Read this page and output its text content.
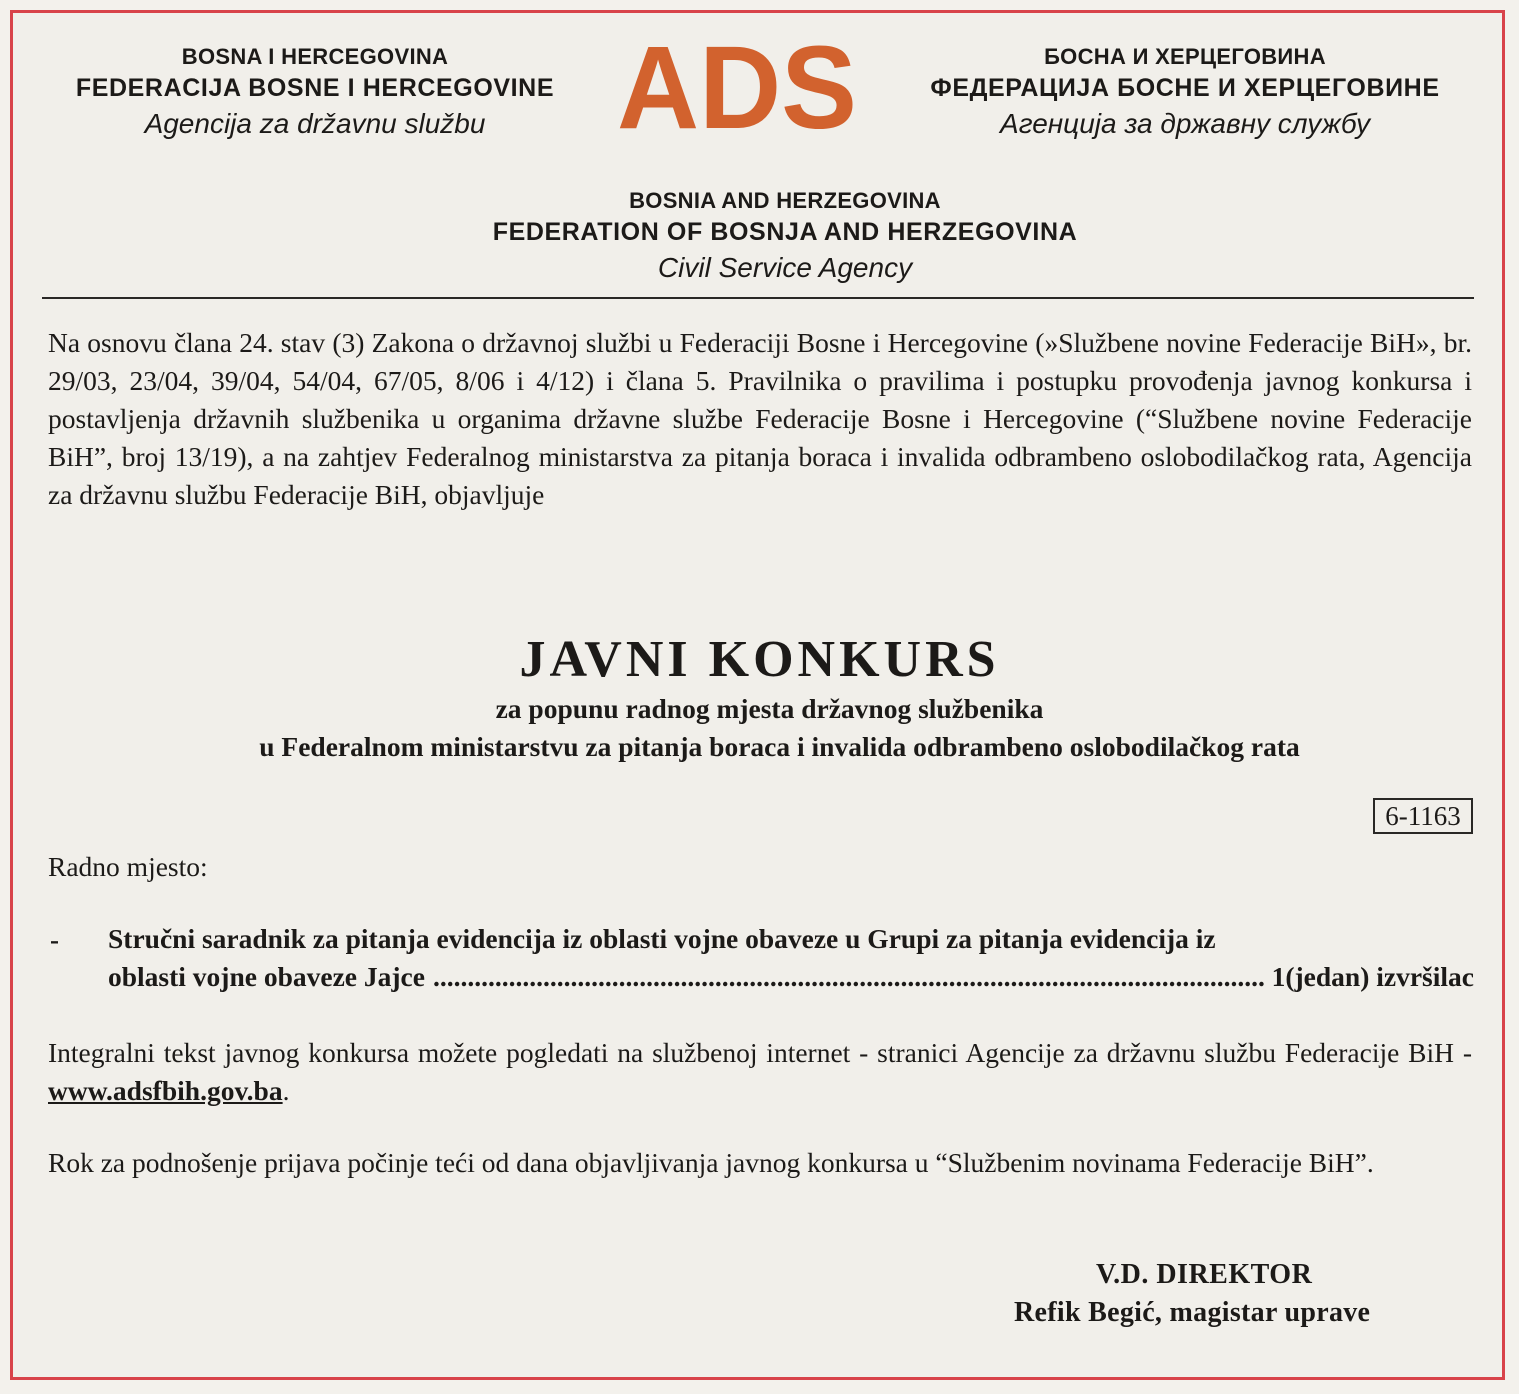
BOSNA I HERCEGOVINA
FEDERACIJA BOSNE I HERCEGOVINE
Agencija za državnu službu	ADS	БОСНА И ХЕРЦЕГОВИНА
ФЕДЕРАЦИЈА БОСНЕ И ХЕРЦЕГОВИНЕ
Агенција за државну службу
BOSNIA AND HERZEGOVINA
FEDERATION OF BOSNJA AND HERZEGOVINA
Civil Service Agency
Na osnovu člana 24. stav (3) Zakona o državnoj službi u Federaciji Bosne i Hercegovine (»Službene novine Federacije BiH», br. 29/03, 23/04, 39/04, 54/04, 67/05, 8/06 i 4/12) i člana 5. Pravilnika o pravilima i postupku provođenja javnog konkursa i postavljenja državnih službenika u organima državne službe Federacije Bosne i Hercegovine (“Službene novine Federacije BiH”, broj 13/19), a na zahtjev Federalnog ministarstva za pitanja boraca i invalida odbrambeno oslobodilačkog rata, Agencija za državnu službu Federacije BiH, objavljuje
JAVNI KONKURS
za popunu radnog mjesta državnog službenika
u Federalnom ministarstvu za pitanja boraca i invalida odbrambeno oslobodilačkog rata
6-1163
Radno mjesto:
- Stručni saradnik za pitanja evidencija iz oblasti vojne obaveze u Grupi za pitanja evidencija iz
oblasti vojne obaveze Jajce
.....	1(jedan) izvršilac
Integralni tekst javnog konkursa možete pogledati na službenoj internet - stranici Agencije za državnu službu Federacije BiH - www.adsfbih.gov.ba.
Rok za podnošenje prijava počinje teći od dana objavljivanja javnog konkursa u “Službenim novinama Federacije BiH”.
V.D. DIREKTOR
Refik Begić, magistar uprave
